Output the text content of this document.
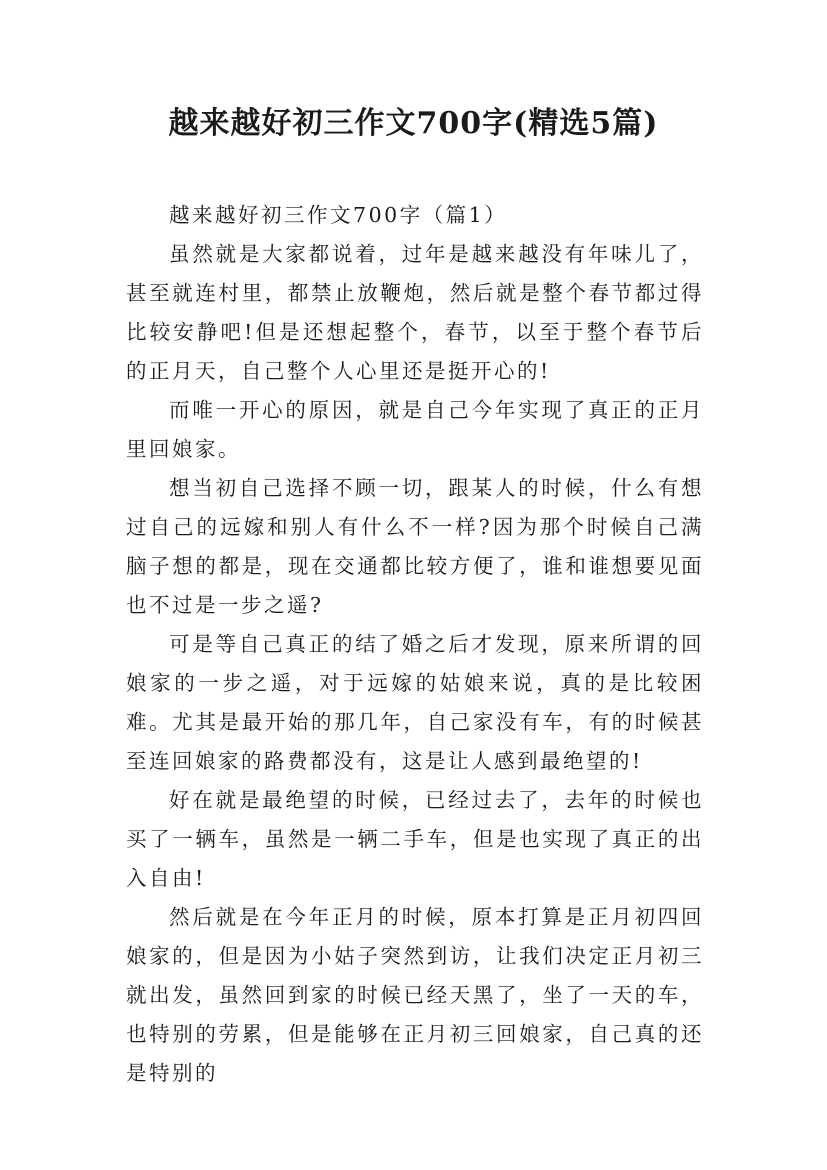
越来越好初三作文700字(精选5篇)
越来越好初三作文700字（篇1）

虽然就是大家都说着，过年是越来越没有年味儿了，甚至就连村里，都禁止放鞭炮，然后就是整个春节都过得比较安静吧!但是还想起整个，春节，以至于整个春节后的正月天，自己整个人心里还是挺开心的!

而唯一开心的原因，就是自己今年实现了真正的正月里回娘家。

想当初自己选择不顾一切，跟某人的时候，什么有想过自己的远嫁和别人有什么不一样?因为那个时候自己满脑子想的都是，现在交通都比较方便了，谁和谁想要见面也不过是一步之遥?

可是等自己真正的结了婚之后才发现，原来所谓的回娘家的一步之遥，对于远嫁的姑娘来说，真的是比较困难。尤其是最开始的那几年，自己家没有车，有的时候甚至连回娘家的路费都没有，这是让人感到最绝望的!

好在就是最绝望的时候，已经过去了，去年的时候也买了一辆车，虽然是一辆二手车，但是也实现了真正的出入自由!

然后就是在今年正月的时候，原本打算是正月初四回娘家的，但是因为小姑子突然到访，让我们决定正月初三就出发，虽然回到家的时候已经天黑了，坐了一天的车，也特别的劳累，但是能够在正月初三回娘家，自己真的还是特别的
